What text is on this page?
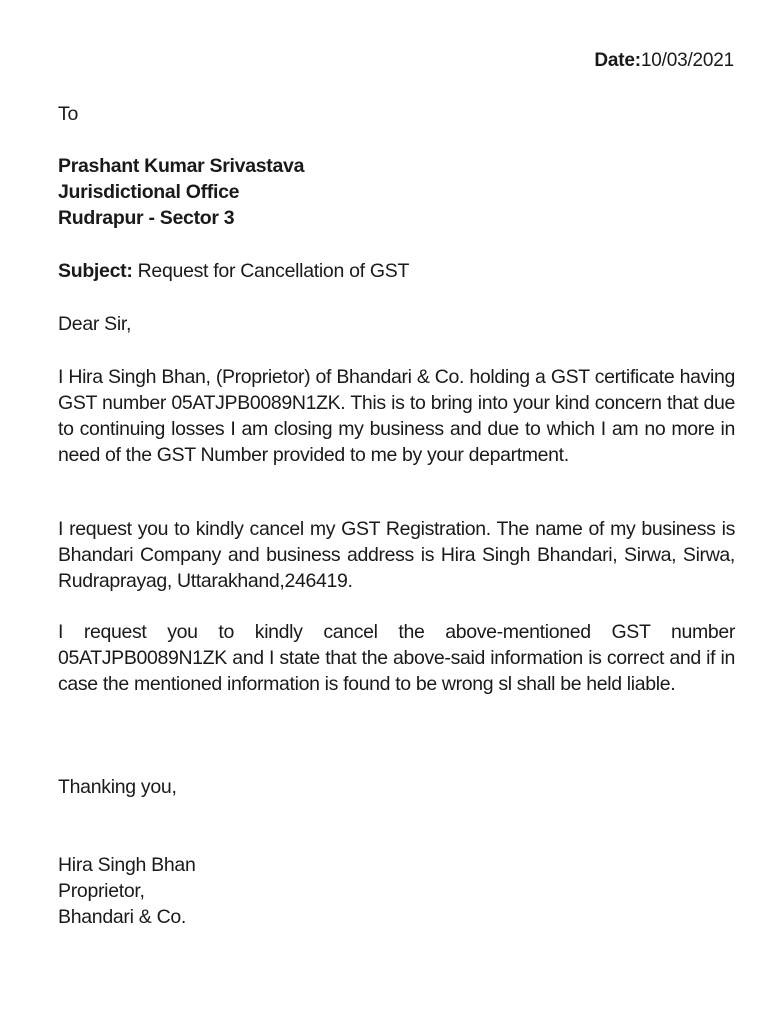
Date:10/03/2021
To
Prashant Kumar Srivastava
Jurisdictional Office
Rudrapur - Sector 3
Subject: Request for Cancellation of GST
Dear Sir,
I Hira Singh Bhan, (Proprietor) of Bhandari & Co. holding a GST certificate having GST number 05ATJPB0089N1ZK. This is to bring into your kind concern that due to continuing losses I am closing my business and due to which I am no more in need of the GST Number provided to me by your department.
I request you to kindly cancel my GST Registration. The name of my business is Bhandari Company and business address is Hira Singh Bhandari, Sirwa, Sirwa, Rudraprayag, Uttarakhand,246419.
I request you to kindly cancel the above-mentioned GST number 05ATJPB0089N1ZK and I state that the above-said information is correct and if in case the mentioned information is found to be wrong sl shall be held liable.
Thanking you,
Hira Singh Bhan
Proprietor,
Bhandari & Co.
